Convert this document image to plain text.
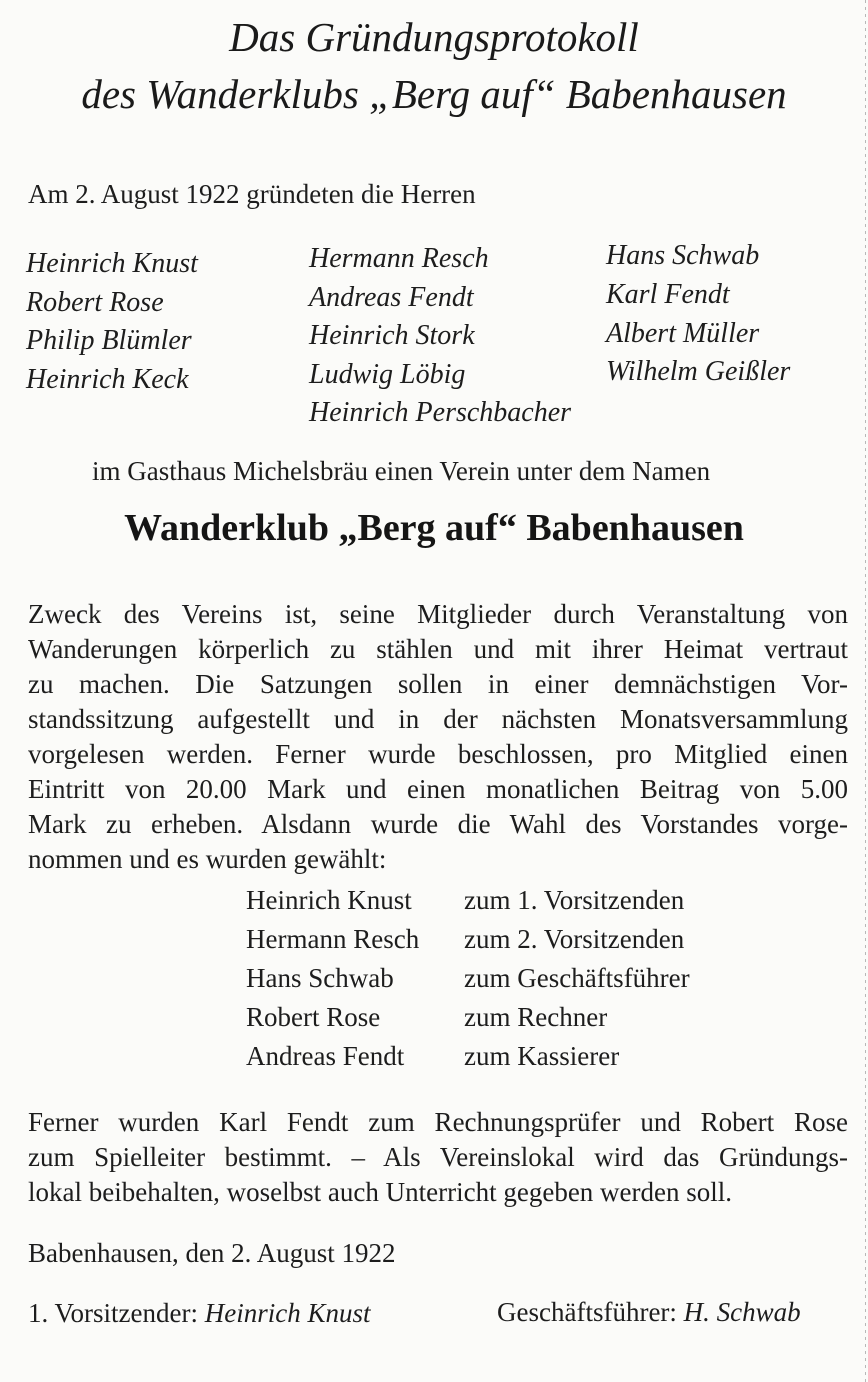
Das Gründungsprotokoll
des Wanderklubs „Berg auf“ Babenhausen
Am 2. August 1922 gründeten die Herren
Heinrich Knust
Robert Rose
Philip Blümler
Heinrich Keck
Hermann Resch
Andreas Fendt
Heinrich Stork
Ludwig Löbig
Heinrich Perschbacher
Hans Schwab
Karl Fendt
Albert Müller
Wilhelm Geißler
im Gasthaus Michelsbräu einen Verein unter dem Namen
Wanderklub „Berg auf“ Babenhausen
Zweck des Vereins ist, seine Mitglieder durch Veranstaltung von
Wanderungen körperlich zu stählen und mit ihrer Heimat vertraut
zu machen. Die Satzungen sollen in einer demnächstigen Vor-
standssitzung aufgestellt und in der nächsten Monatsversammlung
vorgelesen werden. Ferner wurde beschlossen, pro Mitglied einen
Eintritt von 20.00 Mark und einen monatlichen Beitrag von 5.00
Mark zu erheben. Alsdann wurde die Wahl des Vorstandes vorge-
nommen und es wurden gewählt:
Heinrich Knust zum 1. Vorsitzenden
Hermann Resch zum 2. Vorsitzenden
Hans Schwab	zum Geschäftsführer
Robert Rose	zum Rechner
Andreas Fendt zum Kassierer
Ferner wurden Karl Fendt zum Rechnungsprüfer und Robert Rose
zum Spielleiter bestimmt. – Als Vereinslokal wird das Gründungs-
lokal beibehalten, woselbst auch Unterricht gegeben werden soll.
Babenhausen, den 2. August 1922
1. Vorsitzender: Heinrich Knust	Geschäftsführer: H. Schwab
